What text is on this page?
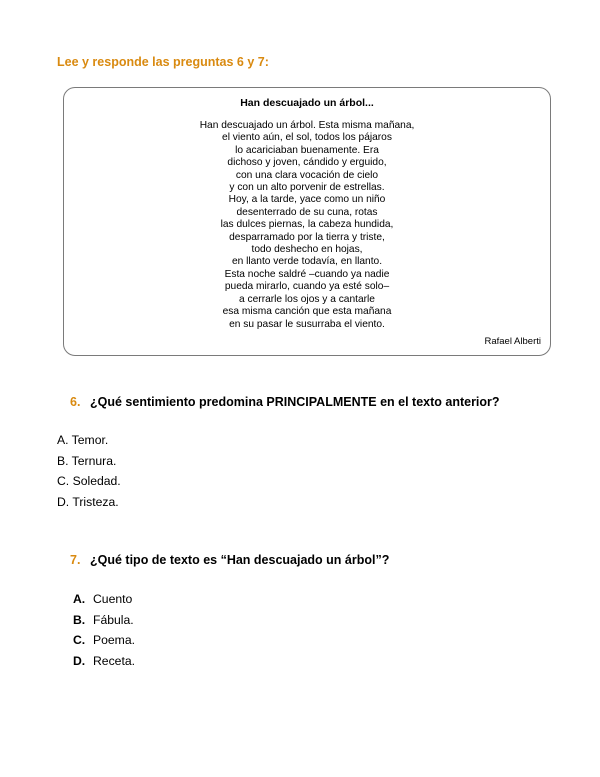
Lee y responde las preguntas 6 y 7:
Han descuajado un árbol...
Han descuajado un árbol. Esta misma mañana,
el viento aún, el sol, todos los pájaros
lo acariciaban buenamente. Era
dichoso y joven, cándido y erguido,
con una clara vocación de cielo
y con un alto porvenir de estrellas.
Hoy, a la tarde, yace como un niño
desenterrado de su cuna, rotas
las dulces piernas, la cabeza hundida,
desparramado por la tierra y triste,
todo deshecho en hojas,
en llanto verde todavía, en llanto.
Esta noche saldré –cuando ya nadie
pueda mirarlo, cuando ya esté solo–
a cerrarle los ojos y a cantarle
esa misma canción que esta mañana
en su pasar le susurraba el viento.
Rafael Alberti
6. ¿Qué sentimiento predomina PRINCIPALMENTE en el texto anterior?
A. Temor.
B. Ternura.
C. Soledad.
D. Tristeza.
7. ¿Qué tipo de texto es “Han descuajado un árbol”?
A. Cuento
B. Fábula.
C. Poema.
D. Receta.
